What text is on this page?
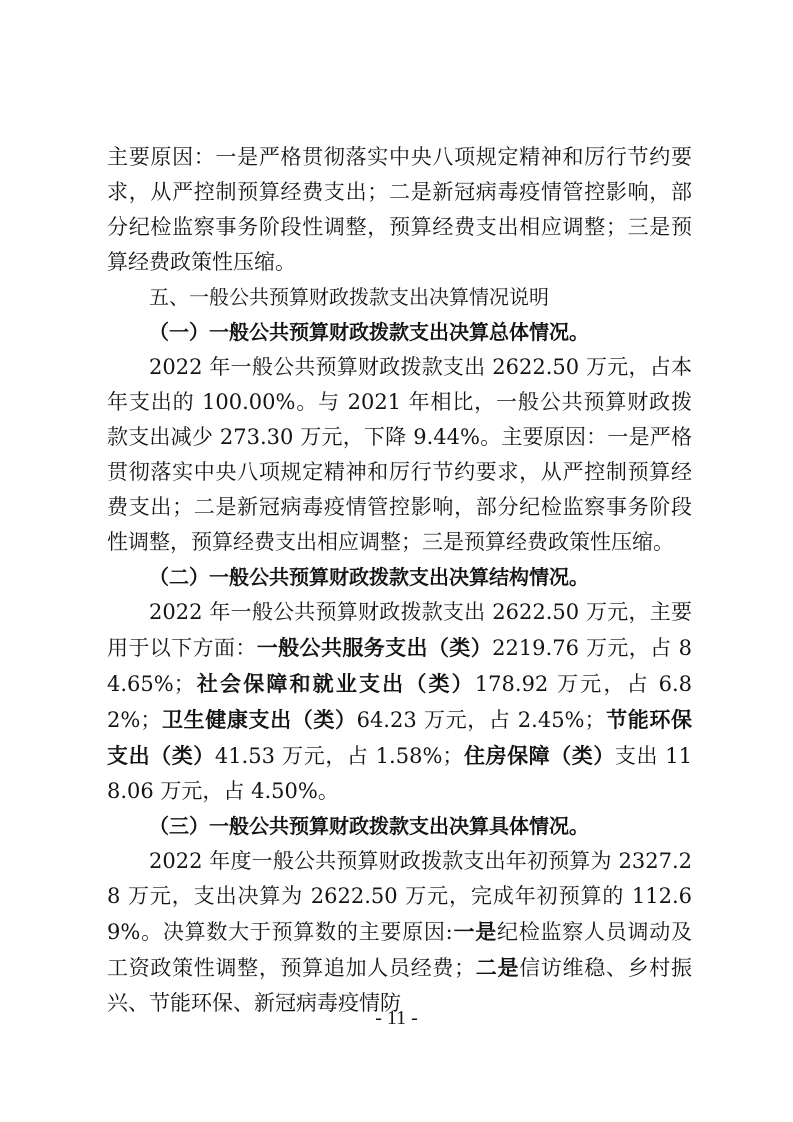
主要原因：一是严格贯彻落实中央八项规定精神和厉行节约要求，从严控制预算经费支出；二是新冠病毒疫情管控影响，部分纪检监察事务阶段性调整，预算经费支出相应调整；三是预算经费政策性压缩。

五、一般公共预算财政拨款支出决算情况说明

（一）一般公共预算财政拨款支出决算总体情况。

2022 年一般公共预算财政拨款支出 2622.50 万元，占本年支出的 100.00%。与 2021 年相比，一般公共预算财政拨款支出减少 273.30 万元，下降 9.44%。主要原因：一是严格贯彻落实中央八项规定精神和厉行节约要求，从严控制预算经费支出；二是新冠病毒疫情管控影响，部分纪检监察事务阶段性调整，预算经费支出相应调整；三是预算经费政策性压缩。

（二）一般公共预算财政拨款支出决算结构情况。

2022 年一般公共预算财政拨款支出 2622.50 万元，主要用于以下方面：一般公共服务支出（类）2219.76 万元，占 84.65%；社会保障和就业支出（类）178.92 万元，占 6.82%；卫生健康支出（类）64.23 万元，占 2.45%；节能环保支出（类）41.53 万元，占 1.58%；住房保障（类）支出 118.06 万元，占 4.50%。

（三）一般公共预算财政拨款支出决算具体情况。

2022 年度一般公共预算财政拨款支出年初预算为 2327.28 万元，支出决算为 2622.50 万元，完成年初预算的 112.69%。决算数大于预算数的主要原因:一是纪检监察人员调动及工资政策性调整，预算追加人员经费；二是信访维稳、乡村振兴、节能环保、新冠病毒疫情防

- 11 -
